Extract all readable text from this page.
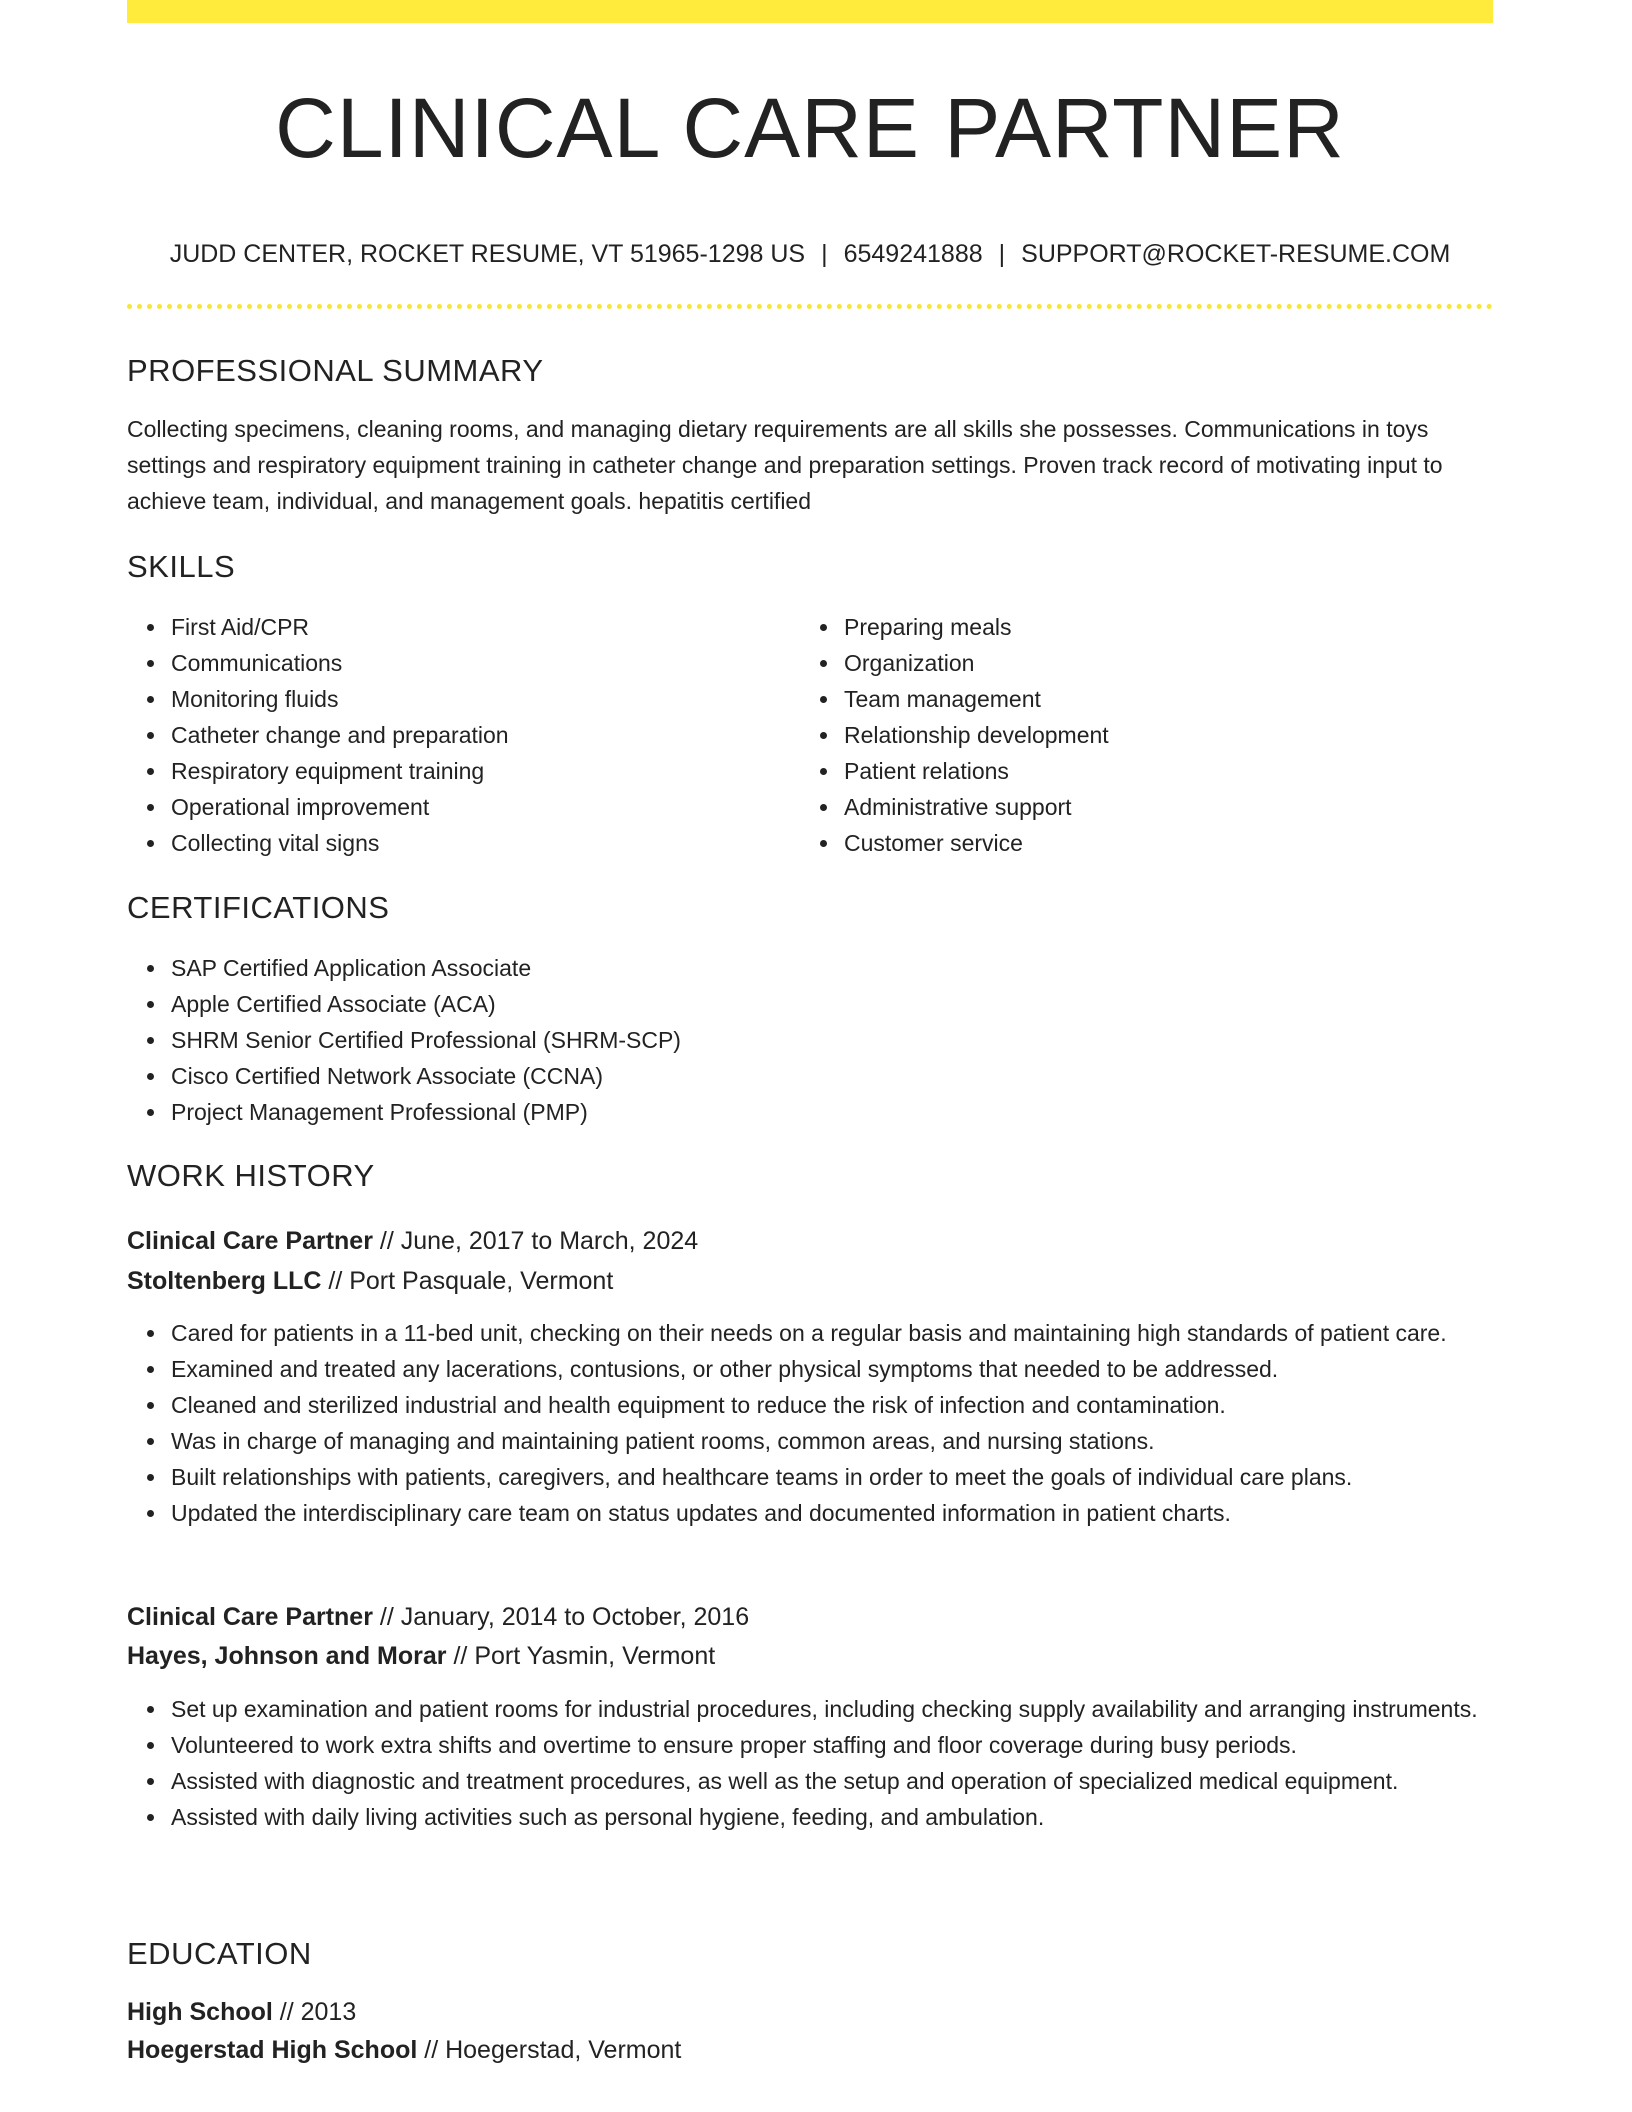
CLINICAL CARE PARTNER
JUDD CENTER, ROCKET RESUME, VT 51965-1298 US | 6549241888 | SUPPORT@ROCKET-RESUME.COM
PROFESSIONAL SUMMARY

Collecting specimens, cleaning rooms, and managing dietary requirements are all skills she possesses. Communications in toys settings and respiratory equipment training in catheter change and preparation settings. Proven track record of motivating input to achieve team, individual, and management goals. hepatitis certified

SKILLS
First Aid/CPR
Communications
Monitoring fluids
Catheter change and preparation
Respiratory equipment training
Operational improvement
Collecting vital signs
Preparing meals
Organization
Team management
Relationship development
Patient relations
Administrative support
Customer service
CERTIFICATIONS
SAP Certified Application Associate
Apple Certified Associate (ACA)
SHRM Senior Certified Professional (SHRM-SCP)
Cisco Certified Network Associate (CCNA)
Project Management Professional (PMP)
WORK HISTORY
Clinical Care Partner // June, 2017 to March, 2024
Stoltenberg LLC // Port Pasquale, Vermont
Cared for patients in a 11-bed unit, checking on their needs on a regular basis and maintaining high standards of patient care.
Examined and treated any lacerations, contusions, or other physical symptoms that needed to be addressed.
Cleaned and sterilized industrial and health equipment to reduce the risk of infection and contamination.
Was in charge of managing and maintaining patient rooms, common areas, and nursing stations.
Built relationships with patients, caregivers, and healthcare teams in order to meet the goals of individual care plans.
Updated the interdisciplinary care team on status updates and documented information in patient charts.
Clinical Care Partner // January, 2014 to October, 2016
Hayes, Johnson and Morar // Port Yasmin, Vermont
Set up examination and patient rooms for industrial procedures, including checking supply availability and arranging instruments.
Volunteered to work extra shifts and overtime to ensure proper staffing and floor coverage during busy periods.
Assisted with diagnostic and treatment procedures, as well as the setup and operation of specialized medical equipment.
Assisted with daily living activities such as personal hygiene, feeding, and ambulation.
EDUCATION
High School // 2013
Hoegerstad High School // Hoegerstad, Vermont
